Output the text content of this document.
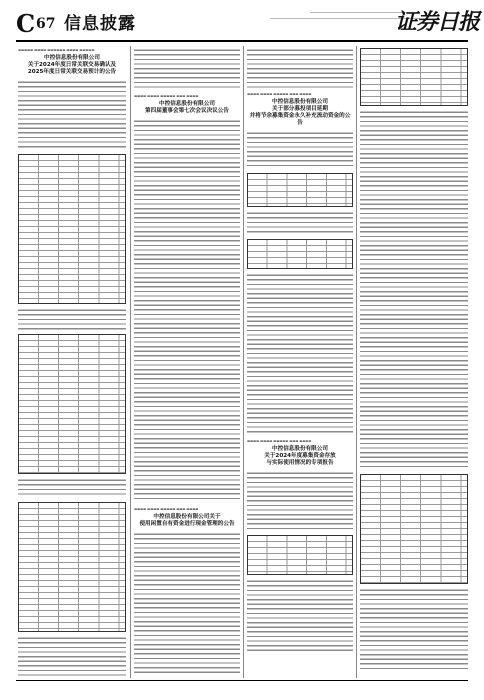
C 67 信息披露	证券日报
▬▬▬▬▬ ▬▬▬▬ ▬▬▬▬▬▬ ▬▬▬▬ ▬▬▬▬▬
中控信息股份有限公司
关于2024年度日常关联交易确认及
2025年度日常关联交易预计的公告
▬▬▬▬ ▬▬▬▬ ▬▬▬▬▬ ▬▬▬ ▬▬▬▬
中控信息股份有限公司
第四届董事会第七次会议决议公告
▬▬▬▬ ▬▬▬▬ ▬▬▬▬▬ ▬▬▬ ▬▬▬▬
中控信息股份有限公司关于
使用闲置自有资金进行现金管理的公告
▬▬▬▬ ▬▬▬▬ ▬▬▬▬▬ ▬▬▬ ▬▬▬▬
中控信息股份有限公司
关于部分募投项目延期
并将节余募集资金永久补充流动资金的公告
▬▬▬▬ ▬▬▬▬ ▬▬▬▬▬ ▬▬▬ ▬▬▬▬
中控信息股份有限公司
关于2024年度募集资金存放
与实际使用情况的专项报告
